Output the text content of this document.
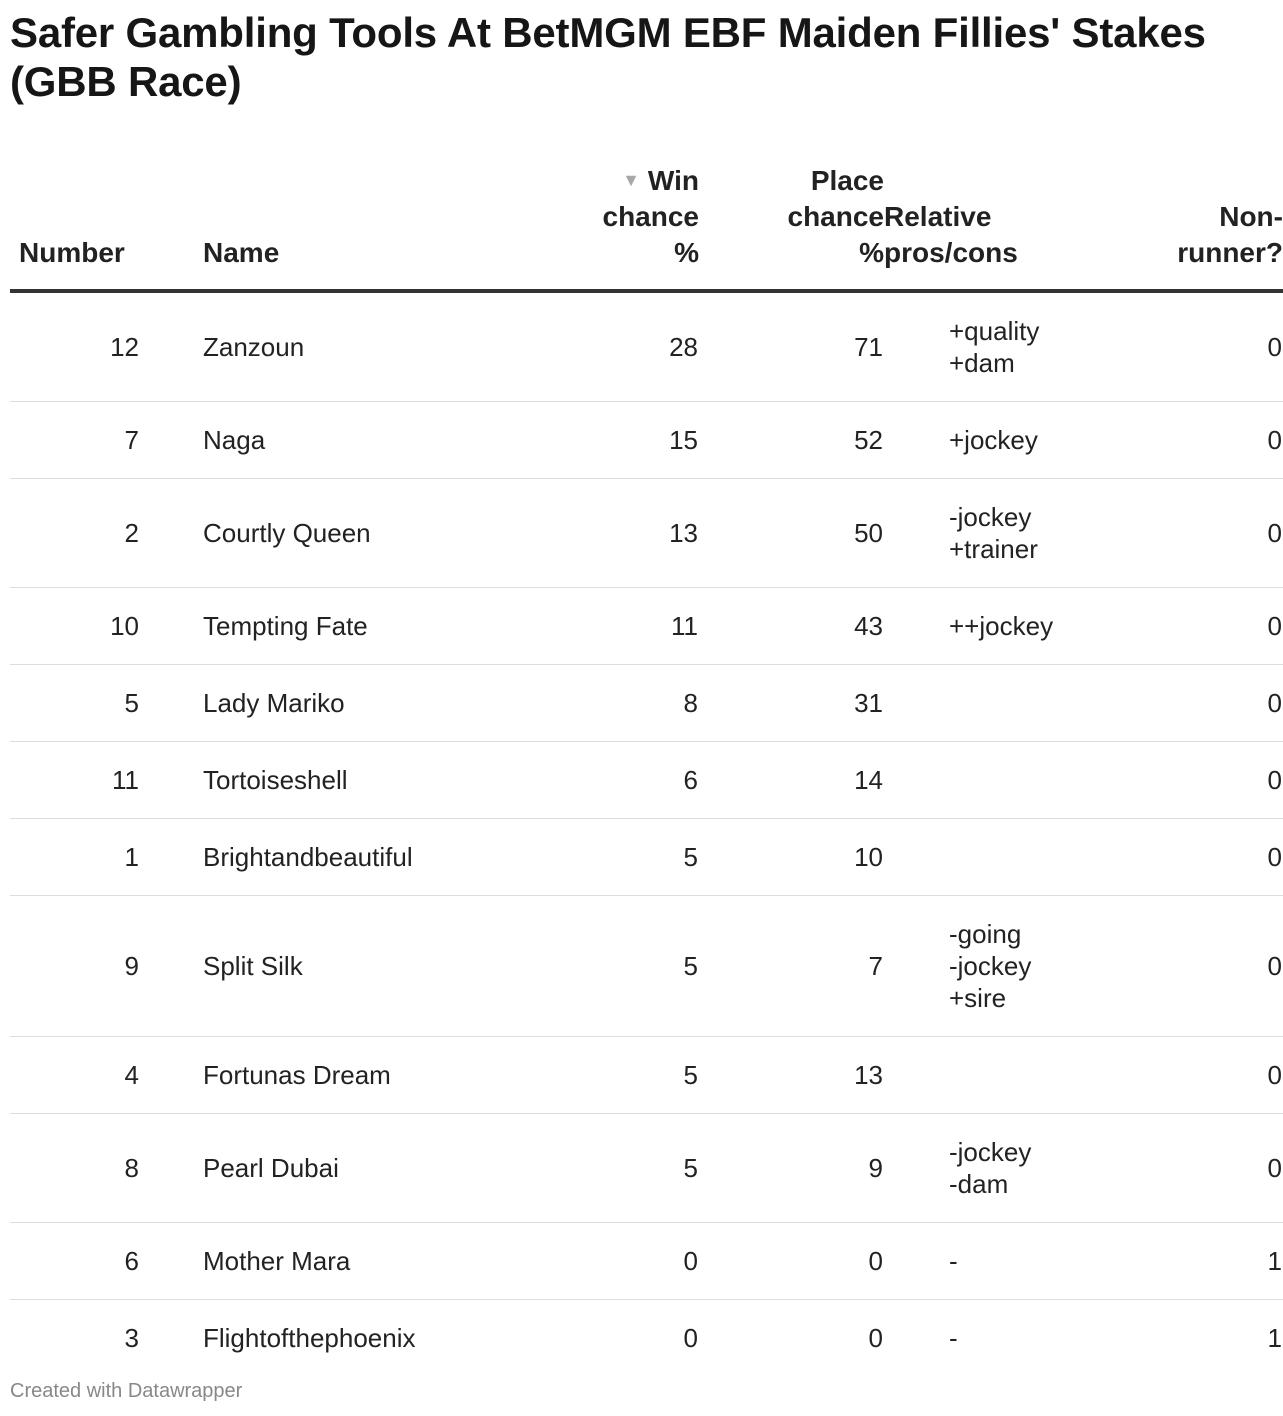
Safer Gambling Tools At BetMGM EBF Maiden Fillies' Stakes (GBB Race)
Number	Name	▼ Win
chance
%	Place
chance
%	Relative
pros/cons	Non-
runner?
12	Zanzoun	28	71	+quality
+dam	0
7	Naga	15	52	+jockey	0
2	Courtly Queen	13	50	-jockey
+trainer	0
10	Tempting Fate	11	43	++jockey	0
5	Lady Mariko	8	31		0
11	Tortoiseshell	6	14		0
1	Brightandbeautiful	5	10		0
9	Split Silk	5	7	-going
-jockey
+sire	0
4	Fortunas Dream	5	13		0
8	Pearl Dubai	5	9	-jockey
-dam	0
6	Mother Mara	0	0	-	1
3	Flightofthephoenix	0	0	-	1
Created with Datawrapper
